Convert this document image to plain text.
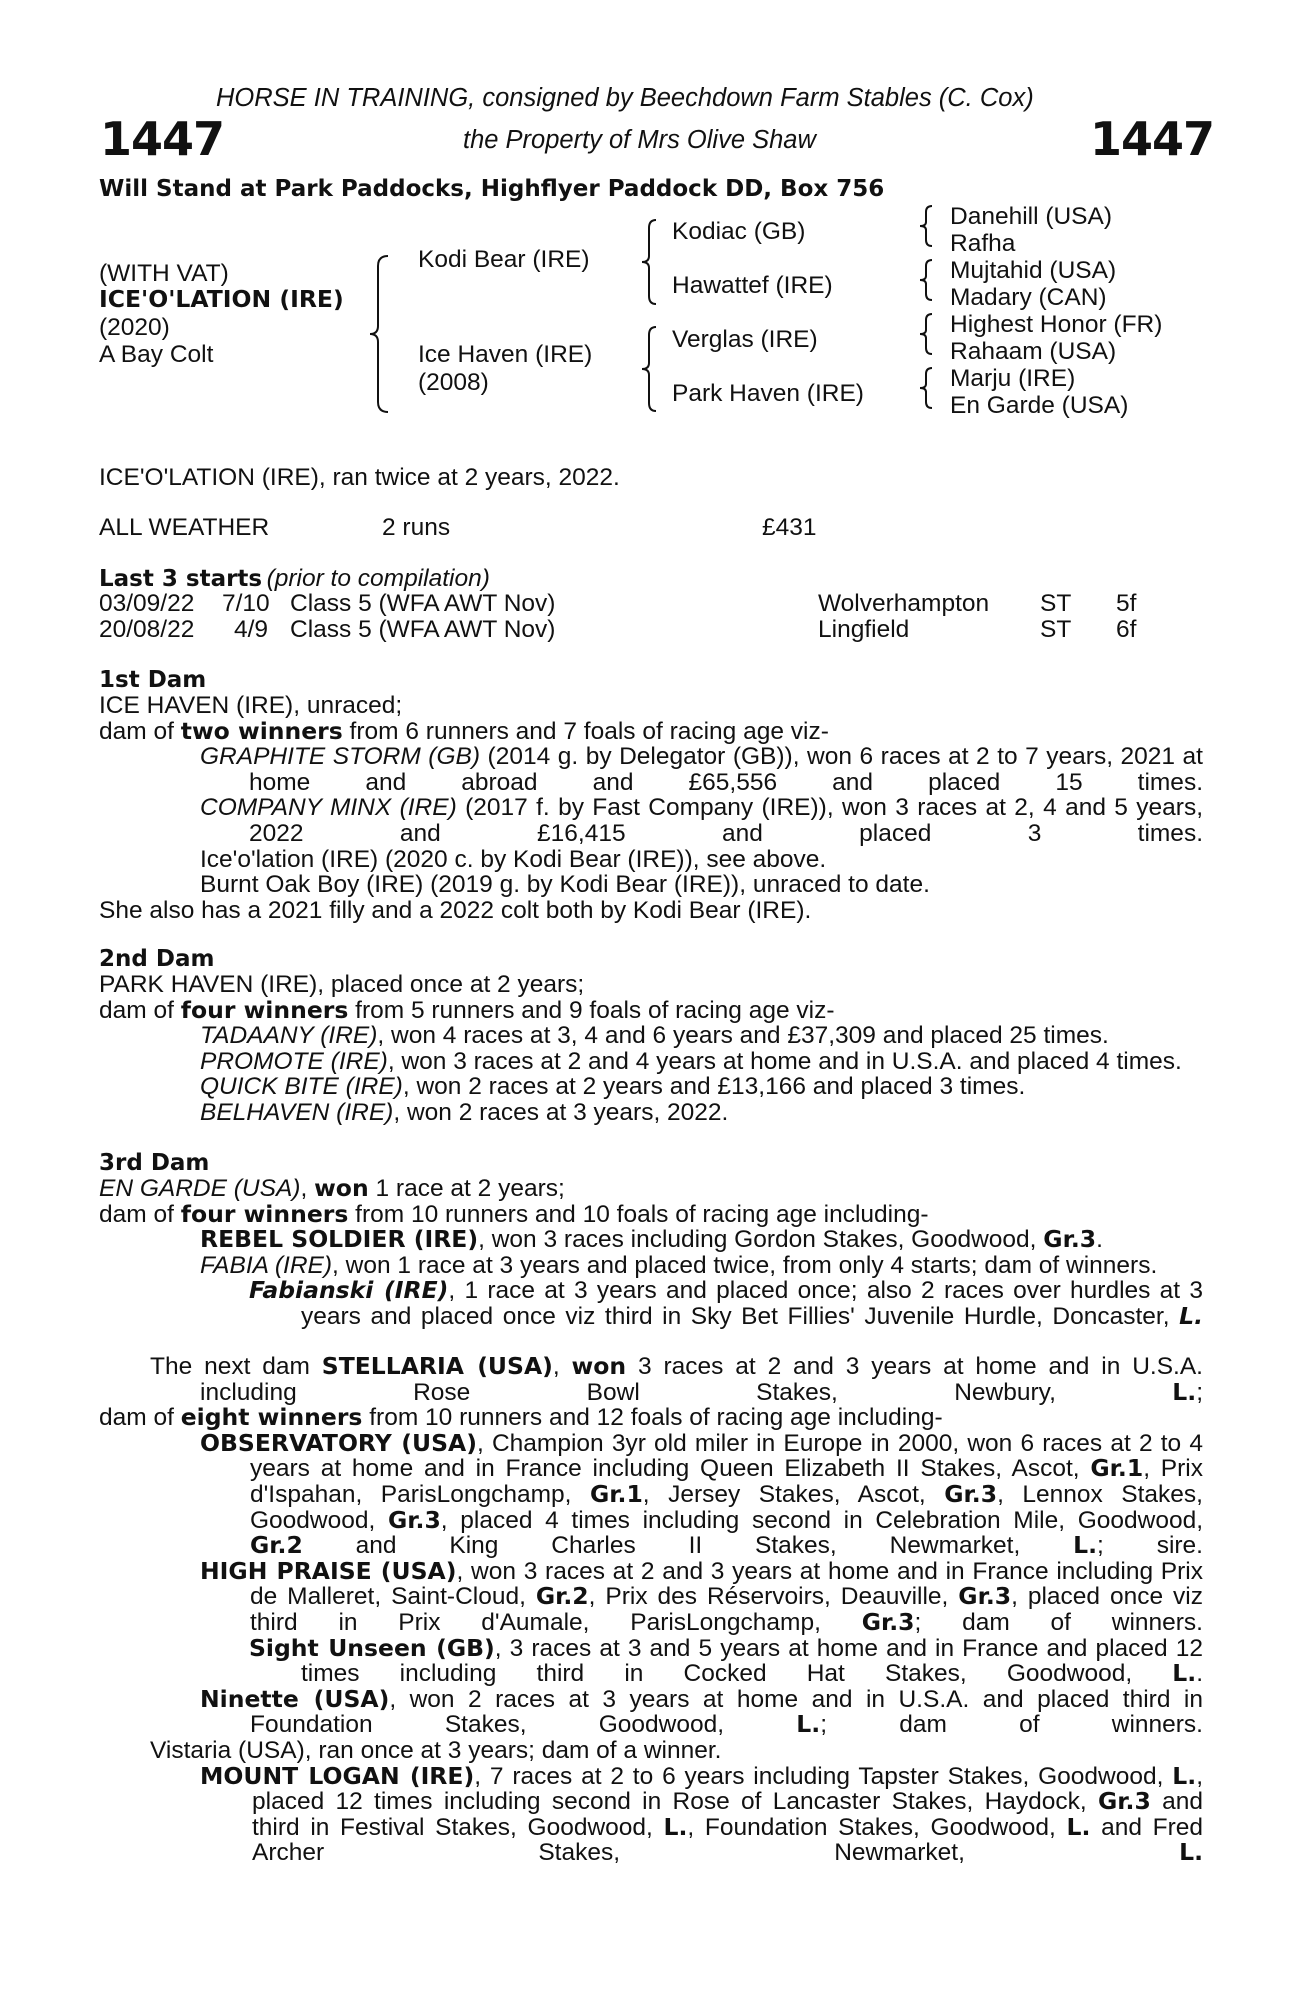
HORSE IN TRAINING, consigned by Beechdown Farm Stables (C. Cox)
the Property of Mrs Olive Shaw
1447	1447
Will Stand at Park Paddocks, Highflyer Paddock DD, Box 756
(WITH VAT)
ICE'O'LATION (IRE)
(2020)
A Bay Colt
Kodi Bear (IRE)
Ice Haven (IRE)
(2008)
Kodiac (GB)
Hawattef (IRE)
Verglas (IRE)
Park Haven (IRE)
Danehill (USA)
Rafha
Mujtahid (USA)
Madary (CAN)
Highest Honor (FR)
Rahaam (USA)
Marju (IRE)
En Garde (USA)
ICE'O'LATION (IRE), ran twice at 2 years, 2022.
ALL WEATHER	2 runs	£431
Last 3 starts (prior to compilation)
03/09/22 7/10 Class 5 (WFA AWT Nov)	Wolverhampton ST 5f
20/08/22 4/9 Class 5 (WFA AWT Nov)	Lingfield	ST 6f
1st Dam
ICE HAVEN (IRE), unraced;
dam of two winners from 6 runners and 7 foals of racing age viz-
GRAPHITE STORM (GB) (2014 g. by Delegator (GB)), won 6 races at 2 to 7 years, 2021 at home and abroad and £65,556 and placed 15 times.
COMPANY MINX (IRE) (2017 f. by Fast Company (IRE)), won 3 races at 2, 4 and 5 years, 2022 and £16,415 and placed 3 times.
Ice'o'lation (IRE) (2020 c. by Kodi Bear (IRE)), see above.
Burnt Oak Boy (IRE) (2019 g. by Kodi Bear (IRE)), unraced to date.
She also has a 2021 filly and a 2022 colt both by Kodi Bear (IRE).
2nd Dam
PARK HAVEN (IRE), placed once at 2 years;
dam of four winners from 5 runners and 9 foals of racing age viz-
TADAANY (IRE), won 4 races at 3, 4 and 6 years and £37,309 and placed 25 times.
PROMOTE (IRE), won 3 races at 2 and 4 years at home and in U.S.A. and placed 4 times.
QUICK BITE (IRE), won 2 races at 2 years and £13,166 and placed 3 times.
BELHAVEN (IRE), won 2 races at 3 years, 2022.
3rd Dam
EN GARDE (USA), won 1 race at 2 years;
dam of four winners from 10 runners and 10 foals of racing age including-
REBEL SOLDIER (IRE), won 3 races including Gordon Stakes, Goodwood, Gr.3.
FABIA (IRE), won 1 race at 3 years and placed twice, from only 4 starts; dam of winners.
Fabianski (IRE), 1 race at 3 years and placed once; also 2 races over hurdles at 3 years and placed once viz third in Sky Bet Fillies' Juvenile Hurdle, Doncaster, L.
The next dam STELLARIA (USA), won 3 races at 2 and 3 years at home and in U.S.A. including Rose Bowl Stakes, Newbury, L.;
dam of eight winners from 10 runners and 12 foals of racing age including-
OBSERVATORY (USA), Champion 3yr old miler in Europe in 2000, won 6 races at 2 to 4 years at home and in France including Queen Elizabeth II Stakes, Ascot, Gr.1, Prix d'Ispahan, ParisLongchamp, Gr.1, Jersey Stakes, Ascot, Gr.3, Lennox Stakes, Goodwood, Gr.3, placed 4 times including second in Celebration Mile, Goodwood, Gr.2 and King Charles II Stakes, Newmarket, L.; sire.
HIGH PRAISE (USA), won 3 races at 2 and 3 years at home and in France including Prix de Malleret, Saint-Cloud, Gr.2, Prix des Réservoirs, Deauville, Gr.3, placed once viz third in Prix d'Aumale, ParisLongchamp, Gr.3; dam of winners.
Sight Unseen (GB), 3 races at 3 and 5 years at home and in France and placed 12 times including third in Cocked Hat Stakes, Goodwood, L..
Ninette (USA), won 2 races at 3 years at home and in U.S.A. and placed third in Foundation Stakes, Goodwood, L.; dam of winners.
Vistaria (USA), ran once at 3 years; dam of a winner.
MOUNT LOGAN (IRE), 7 races at 2 to 6 years including Tapster Stakes, Goodwood, L., placed 12 times including second in Rose of Lancaster Stakes, Haydock, Gr.3 and third in Festival Stakes, Goodwood, L., Foundation Stakes, Goodwood, L. and Fred Archer Stakes, Newmarket, L.
